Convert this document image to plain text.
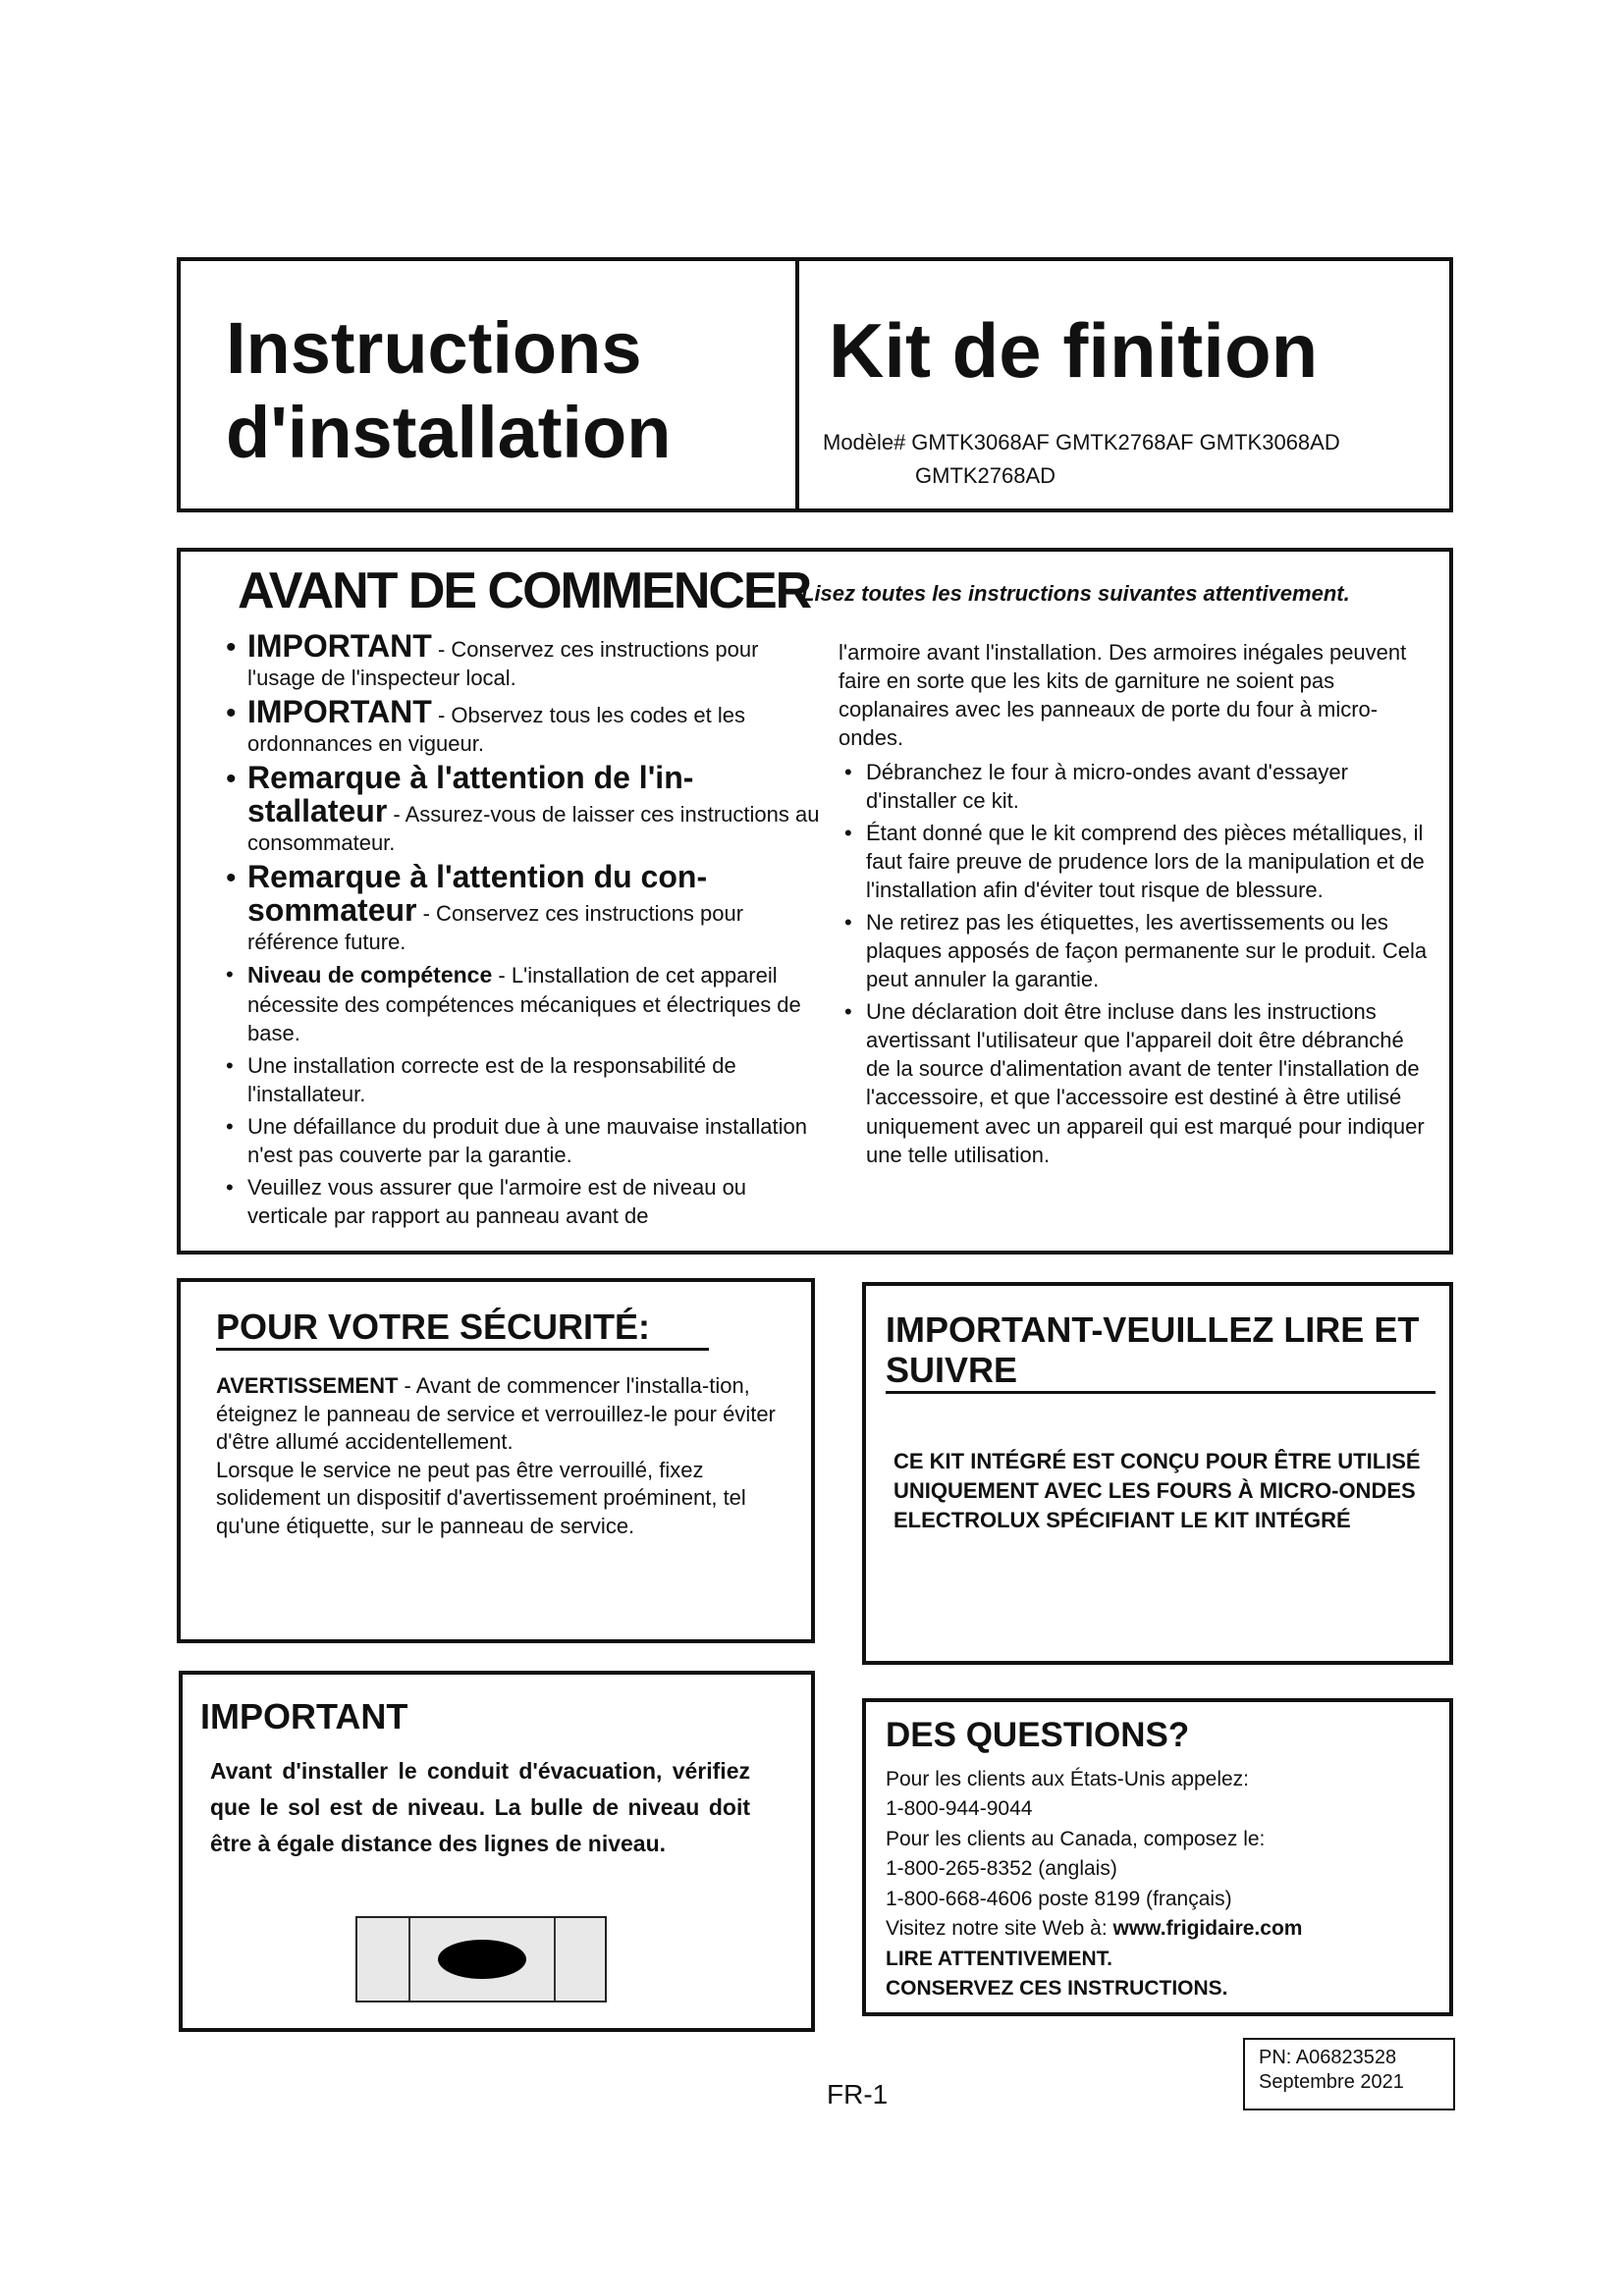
Instructions
d'installation
Kit de finition
Modèle# GMTK3068AF GMTK2768AF GMTK3068AD
GMTK2768AD
AVANT DE COMMENCER
Lisez toutes les instructions suivantes attentivement.
• IMPORTANT - Conservez ces instructions pour l'usage de l'inspecteur local.
• IMPORTANT - Observez tous les codes et les ordonnances en vigueur.
• Remarque à l'attention de l'in-stallateur - Assurez-vous de laisser ces instructions au consommateur.
• Remarque à l'attention du con-sommateur - Conservez ces instructions pour référence future.
• Niveau de compétence - L'installation de cet appareil nécessite des compétences mécaniques et électriques de base.
• Une installation correcte est de la responsabilité de l'installateur.
• Une défaillance du produit due à une mauvaise installation n'est pas couverte par la garantie.
• Veuillez vous assurer que l'armoire est de niveau ou verticale par rapport au panneau avant de
l'armoire avant l'installation. Des armoires inégales peuvent faire en sorte que les kits de garniture ne soient pas coplanaires avec les panneaux de porte du four à micro-ondes.
• Débranchez le four à micro-ondes avant d'essayer d'installer ce kit.
• Étant donné que le kit comprend des pièces métalliques, il faut faire preuve de prudence lors de la manipulation et de l'installation afin d'éviter tout risque de blessure.
• Ne retirez pas les étiquettes, les avertissements ou les plaques apposés de façon permanente sur le produit. Cela peut annuler la garantie.
• Une déclaration doit être incluse dans les instructions avertissant l'utilisateur que l'appareil doit être débranché de la source d'alimentation avant de tenter l'installation de l'accessoire, et que l'accessoire est destiné à être utilisé uniquement avec un appareil qui est marqué pour indiquer une telle utilisation.
POUR VOTRE SÉCURITÉ:
AVERTISSEMENT - Avant de commencer l'installa-tion, éteignez le panneau de service et verrouillez-le pour éviter d'être allumé accidentellement.
Lorsque le service ne peut pas être verrouillé, fixez solidement un dispositif d'avertissement proéminent, tel qu'une étiquette, sur le panneau de service.
IMPORTANT-VEUILLEZ LIRE ET SUIVRE
CE KIT INTÉGRÉ EST CONÇU POUR ÊTRE UTILISÉ UNIQUEMENT AVEC LES FOURS À MICRO-ONDES ELECTROLUX SPÉCIFIANT LE KIT INTÉGRÉ
IMPORTANT
Avant d'installer le conduit d'évacuation, vérifiez que le sol est de niveau. La bulle de niveau doit être à égale distance des lignes de niveau.
DES QUESTIONS?
Pour les clients aux États-Unis appelez:
1-800-944-9044
Pour les clients au Canada, composez le:
1-800-265-8352 (anglais)
1-800-668-4606 poste 8199 (français)
Visitez notre site Web à: www.frigidaire.com
LIRE ATTENTIVEMENT.
CONSERVEZ CES INSTRUCTIONS.
FR-1
PN: A06823528
Septembre 2021
